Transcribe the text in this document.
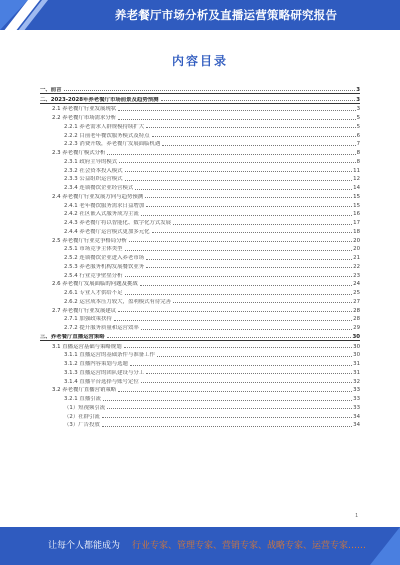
养老餐厅市场分析及直播运营策略研究报告
内容目录
一、前言	3
二、2023-2028年养老餐厅市场前景及趋势预测	3
2.1 养老餐厅行业发展现状	3
2.2 养老餐厅市场需求分析	5
2.2.1 养老需求人群规模持续扩大	5
2.2.2 目前老年餐饮服务模式及特点	6
2.2.3 消费升级，养老餐厅发展面临机遇	7
2.3 养老餐厅模式分析	8
2.3.1 政府主导的模式	8
2.3.2 社会资本投入模式	11
2.3.3 公益组织运营模式	12
2.3.4 连锁餐饮企业经营模式	14
2.4 养老餐厅行业发展方向与趋势预测	15
2.4.1 老年餐饮服务需求日益增加	15
2.4.2 社区嵌入式服务成为主流	16
2.4.3 养老餐厅将以智能化、数字化方式发展	17
2.4.4 养老餐厅运营模式更加多元化	18
2.5 养老餐厅行业竞争格局分析	20
2.5.1 市场竞争主体类型	20
2.5.2 连锁餐饮企业进入养老市场	21
2.5.3 养老服务机构发展餐饮业务	22
2.5.4 行业竞争壁垒分析	23
2.6 养老餐厅发展面临的问题及挑战	24
2.6.1 专业人才供给不足	25
2.6.2 运营成本压力较大，盈利模式有待完善	27
2.7 养老餐厅行业发展建议	28
2.7.1 加强政策扶持	28
2.7.2 提升服务质量和运营效率	29
三、养老餐厅直播运营策略	30
3.1 直播运营基础与策略规划	30
3.1.1 直播运营的基础条件与准备工作	30
3.1.2 直播内容策划与选题	31
3.1.3 直播运营的团队建设与分工	31
3.1.4 直播平台选择与账号定位	32
3.2 养老餐厅直播营销策略	33
3.2.1 直播引流	33
（1）短视频引流	33
（2）社群引流	34
（3）广告投放	34
1
让每个人都能成为 行业专家、管理专家、营销专家、战略专家、运营专家……
